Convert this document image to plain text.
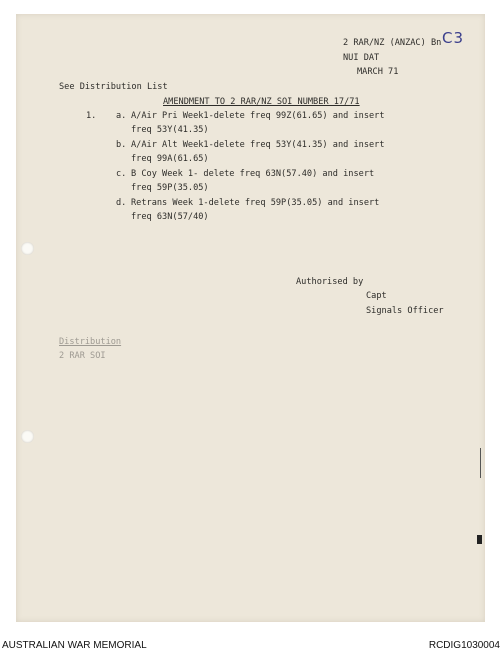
2 RAR/NZ (ANZAC) Bn C3
NUI DAT
MARCH 71
See Distribution List
AMENDMENT TO 2 RAR/NZ SOI NUMBER 17/71
1. a. A/Air Pri Week1-delete freq 99Z(61.65) and insert
freq 53Y(41.35)
b. A/Air Alt Week1-delete freq 53Y(41.35) and insert
freq 99A(61.65)
c. B Coy Week 1- delete freq 63N(57.40) and insert
freq 59P(35.05)
d. Retrans Week 1-delete freq 59P(35.05) and insert
freq 63N(57/40)
Authorised by
Capt
Signals Officer
Distribution
2 RAR SOI
AUSTRALIAN WAR MEMORIAL	RCDIG1030004
